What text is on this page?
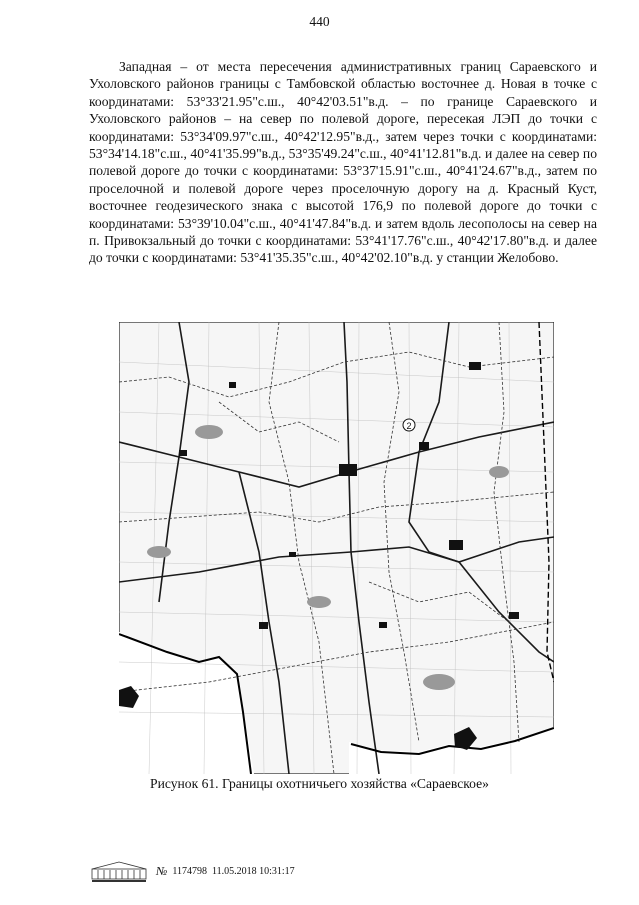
440

Западная – от места пересечения административных границ Сараевского и Ухоловского районов границы с Тамбовской областью восточнее д. Новая в точке с координатами: 53°33'21.95"с.ш., 40°42'03.51"в.д. – по границе Сараевского и Ухоловского районов – на север по полевой дороге, пересекая ЛЭП до точки с координатами: 53°34'09.97"с.ш., 40°42'12.95"в.д., затем через точки с координатами: 53°34'14.18"с.ш., 40°41'35.99"в.д., 53°35'49.24"с.ш., 40°41'12.81"в.д. и далее на север по полевой дороге до точки с координатами: 53°37'15.91"с.ш., 40°41'24.67"в.д., затем по проселочной и полевой дороге через проселочную дорогу на д. Красный Куст, восточнее геодезического знака с высотой 176,9 по полевой дороге до точки с координатами: 53°39'10.04"с.ш., 40°41'47.84"в.д. и затем вдоль лесополосы на север на п. Привокзальный до точки с координатами: 53°41'17.76"с.ш., 40°42'17.80"в.д. и далее до точки с координатами: 53°41'35.35"с.ш., 40°42'02.10"в.д. у станции Желобово.

2
Рисунок 61. Границы охотничьего хозяйства «Сараевское»
№ 1174798 11.05.2018 10:31:17
